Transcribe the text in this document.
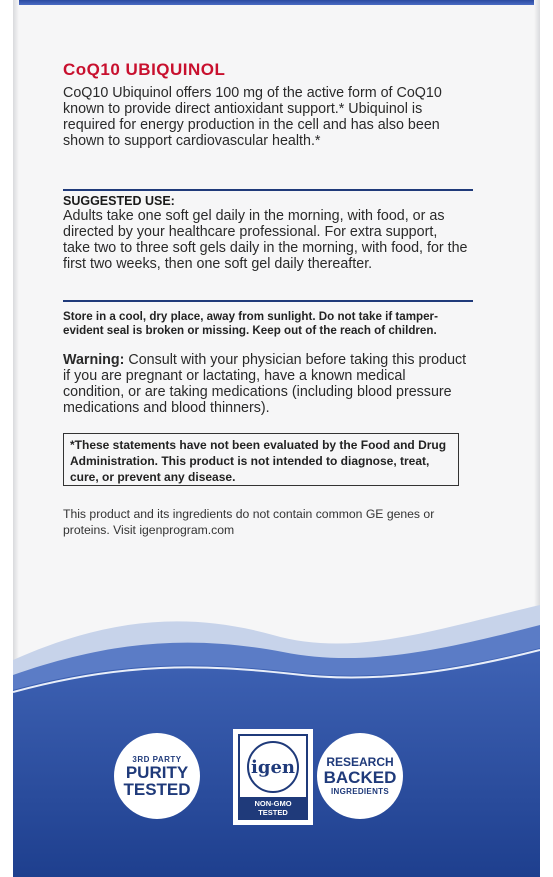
CoQ10 UBIQUINOL

CoQ10 Ubiquinol offers 100 mg of the active form of CoQ10 known to provide direct antioxidant support.* Ubiquinol is required for energy production in the cell and has also been shown to support cardiovascular health.*

SUGGESTED USE:

Adults take one soft gel daily in the morning, with food, or as directed by your healthcare professional. For extra support, take two to three soft gels daily in the morning, with food, for the first two weeks, then one soft gel daily thereafter.

Store in a cool, dry place, away from sunlight. Do not take if tamper-evident seal is broken or missing. Keep out of the reach of children.

Warning: Consult with your physician before taking this product if you are pregnant or lactating, have a known medical condition, or are taking medications (including blood pressure medications and blood thinners).

*These statements have not been evaluated by the Food and Drug Administration. This product is not intended to diagnose, treat, cure, or prevent any disease.

This product and its ingredients do not contain common GE genes or proteins. Visit igenprogram.com

3RD PARTY
PURITY
TESTED
igen
NON-GMO
TESTED
RESEARCH
BACKED
INGREDIENTS
